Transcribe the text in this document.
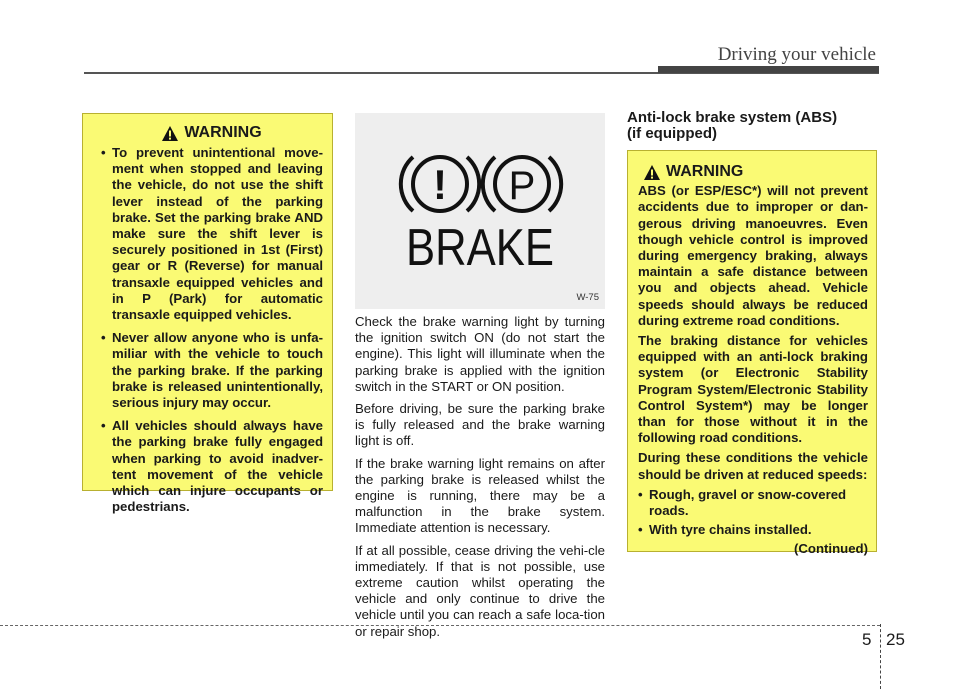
Driving your vehicle
WARNING
• To prevent unintentional move-ment when stopped and leaving the vehicle, do not use the shift lever instead of the parking brake. Set the parking brake AND make sure the shift lever is securely positioned in 1st (First) gear or R (Reverse) for manual transaxle equipped vehicles and in P (Park) for automatic transaxle equipped vehicles.
• Never allow anyone who is unfa-miliar with the vehicle to touch the parking brake. If the parking brake is released unintentionally, serious injury may occur.
• All vehicles should always have the parking brake fully engaged when parking to avoid inadver-tent movement of the vehicle which can injure occupants or pedestrians.
! P
BRAKE
W-75

Check the brake warning light by turning the ignition switch ON (do not start the engine). This light will illuminate when the parking brake is applied with the ignition switch in the START or ON position.

Before driving, be sure the parking brake is fully released and the brake warning light is off.

If the brake warning light remains on after the parking brake is released whilst the engine is running, there may be a malfunction in the brake system. Immediate attention is necessary.

If at all possible, cease driving the vehi-cle immediately. If that is not possible, use extreme caution whilst operating the vehicle and only continue to drive the vehicle until you can reach a safe loca-tion or repair shop.

Anti-lock brake system (ABS)
(if equipped)
WARNING

ABS (or ESP/ESC*) will not prevent accidents due to improper or dan-gerous driving manoeuvres. Even though vehicle control is improved during emergency braking, always maintain a safe distance between you and objects ahead. Vehicle speeds should always be reduced during extreme road conditions.

The braking distance for vehicles equipped with an anti-lock braking system (or Electronic Stability Program System/Electronic Stability Control System*) may be longer than for those without it in the following road conditions.

During these conditions the vehicle should be driven at reduced speeds:

• Rough, gravel or snow-covered roads.
• With tyre chains installed.
(Continued)
5 25
